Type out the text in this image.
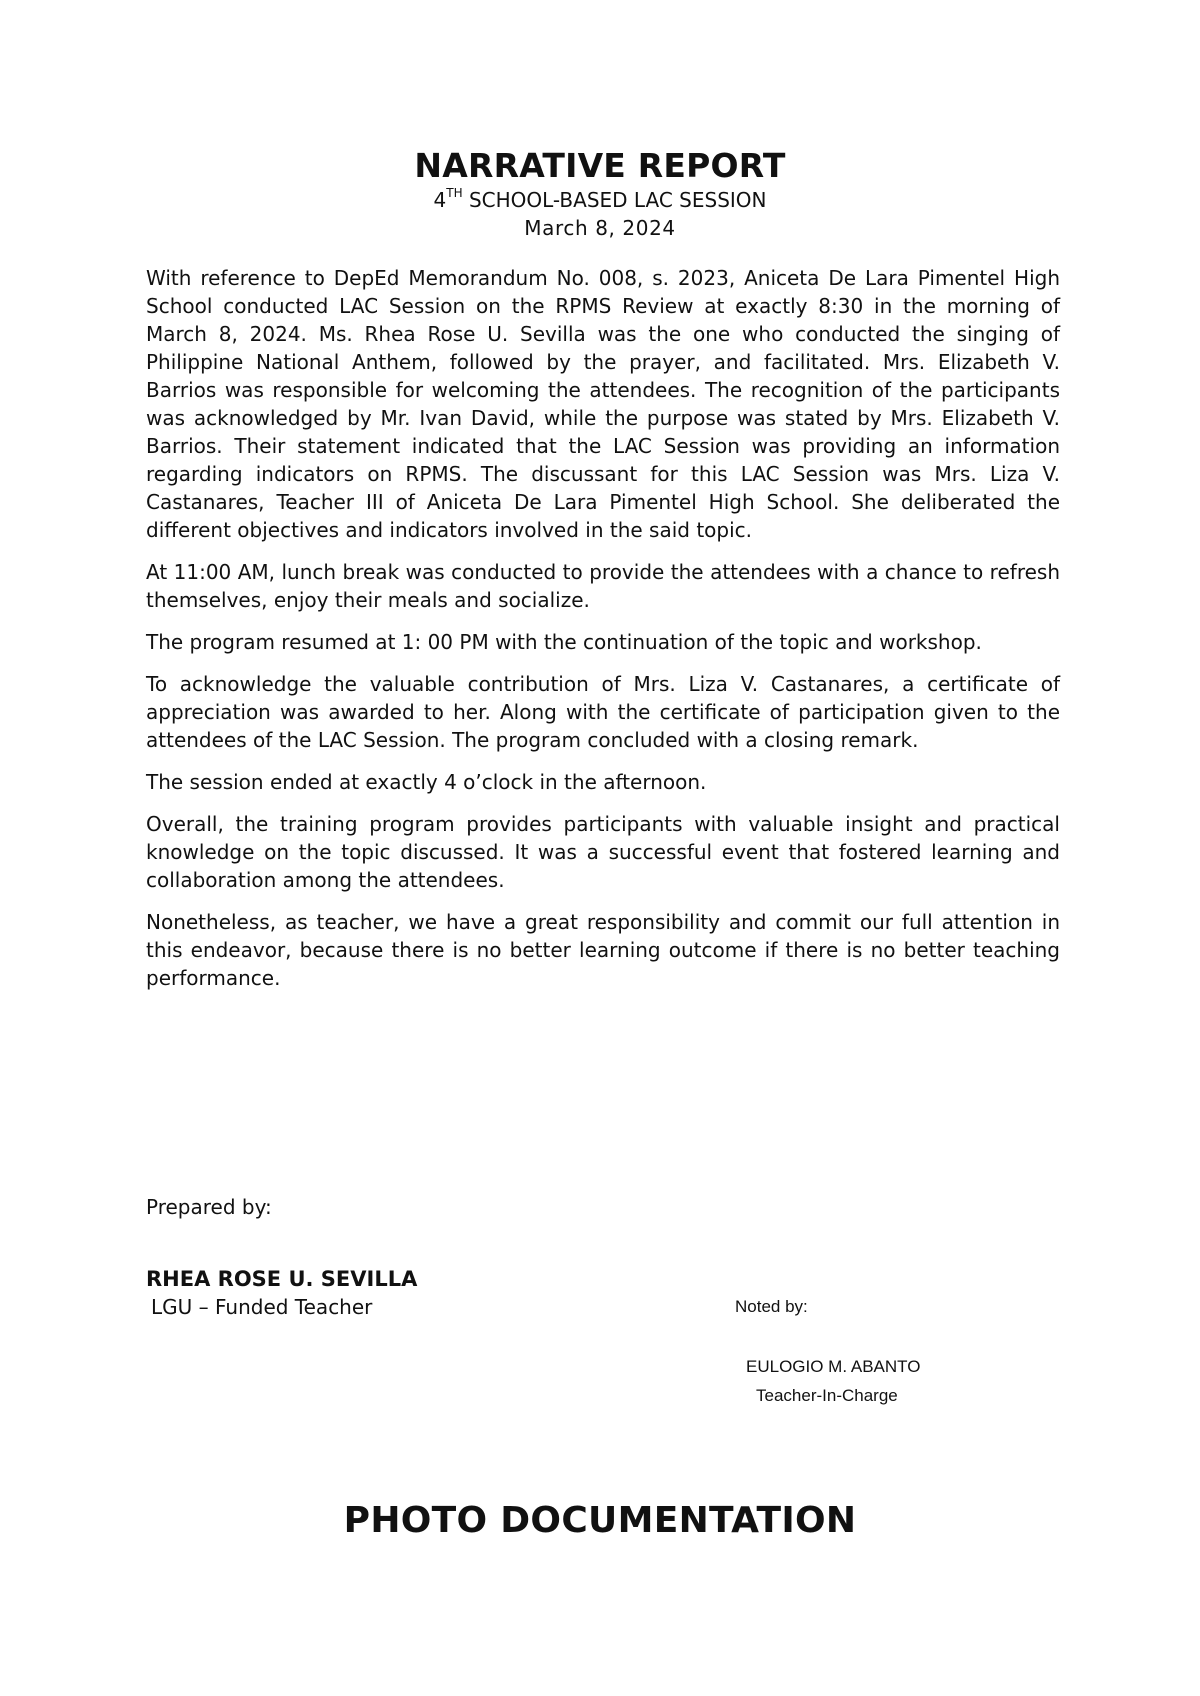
NARRATIVE REPORT
4TH SCHOOL-BASED LAC SESSION
March 8, 2024

With reference to DepEd Memorandum No. 008, s. 2023, Aniceta De Lara Pimentel High School conducted LAC Session on the RPMS Review at exactly 8:30 in the morning of March 8, 2024. Ms. Rhea Rose U. Sevilla was the one who conducted the singing of Philippine National Anthem, followed by the prayer, and facilitated. Mrs. Elizabeth V. Barrios was responsible for welcoming the attendees. The recognition of the participants was acknowledged by Mr. Ivan David, while the purpose was stated by Mrs. Elizabeth V. Barrios. Their statement indicated that the LAC Session was providing an information regarding indicators on RPMS. The discussant for this LAC Session was Mrs. Liza V. Castanares, Teacher III of Aniceta De Lara Pimentel High School. She deliberated the different objectives and indicators involved in the said topic.

At 11:00 AM, lunch break was conducted to provide the attendees with a chance to refresh themselves, enjoy their meals and socialize.

The program resumed at 1: 00 PM with the continuation of the topic and workshop.

To acknowledge the valuable contribution of Mrs. Liza V. Castanares, a certificate of appreciation was awarded to her. Along with the certificate of participation given to the attendees of the LAC Session. The program concluded with a closing remark.

The session ended at exactly 4 o’clock in the afternoon.

Overall, the training program provides participants with valuable insight and practical knowledge on the topic discussed. It was a successful event that fostered learning and collaboration among the attendees.

Nonetheless, as teacher, we have a great responsibility and commit our full attention in this endeavor, because there is no better learning outcome if there is no better teaching performance.

Prepared by:
RHEA ROSE U. SEVILLA
LGU – Funded Teacher	Noted by:
EULOGIO M. ABANTO
Teacher-In-Charge
PHOTO DOCUMENTATION
